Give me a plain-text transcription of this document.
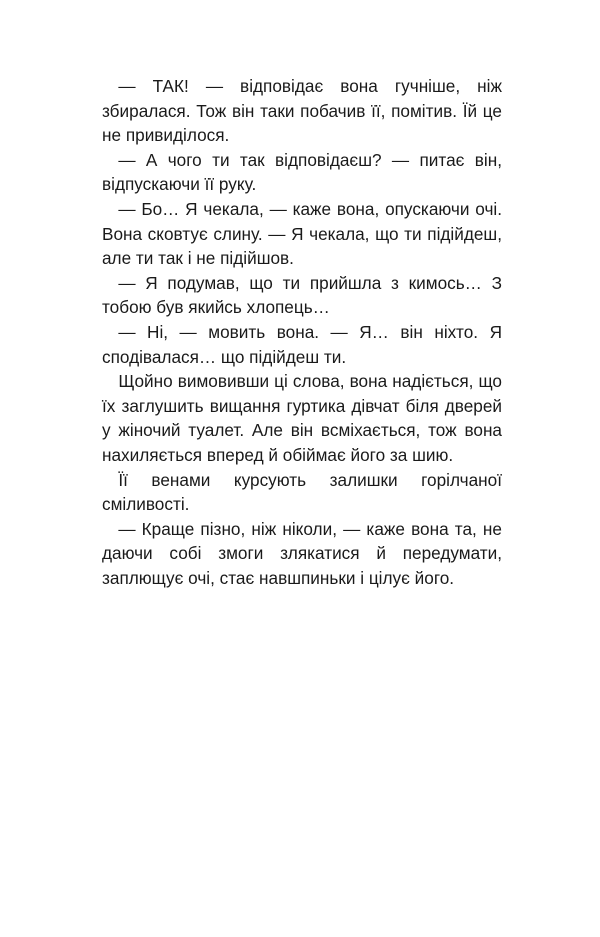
— ТАК! — відповідає вона гучніше, ніж збиралася. Тож він таки побачив її, помітив. Їй це не привиділося.

— А чого ти так відповідаєш? — питає він, відпускаючи її руку.

— Бо… Я чекала, — каже вона, опускаючи очі. Вона сковтує слину. — Я чекала, що ти підійдеш, але ти так і не підійшов.

— Я подумав, що ти прийшла з кимось… З тобою був якийсь хлопець…

— Ні, — мовить вона. — Я… він ніхто. Я сподівалася… що підійдеш ти.

Щойно вимовивши ці слова, вона надіється, що їх заглушить вищання гуртика дівчат біля дверей у жіночий туалет. Але він всміхається, тож вона нахиляється вперед й обіймає його за шию.

Її венами курсують залишки горілчаної сміливості.

— Краще пізно, ніж ніколи, — каже вона та, не даючи собі змоги злякатися й передумати, заплющує очі, стає навшпиньки і цілує його.
